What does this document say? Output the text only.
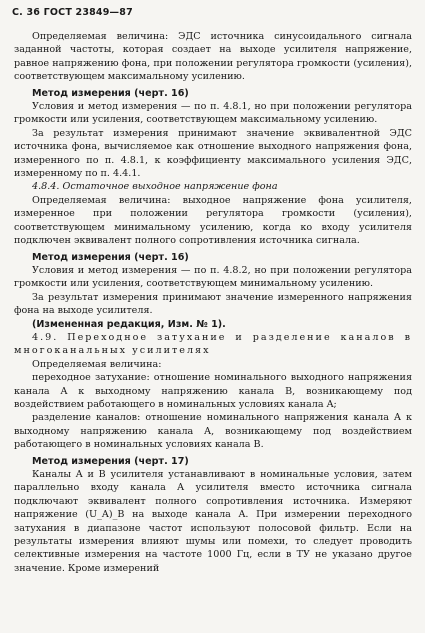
С. 36 ГОСТ 23849—87

Определяемая величина: ЭДС источника синусоидального сигнала заданной частоты, которая создает на выходе усилителя напряжение, равное напряжению фона, при положении регулятора громкости (усиления), соответствующем максимальному усилению.

Метод измерения (черт. 16)

Условия и метод измерения — по п. 4.8.1, но при положении регулятора громкости или усиления, соответствующем максимальному усилению.

За результат измерения принимают значение эквивалентной ЭДС источника фона, вычисляемое как отношение выходного напряжения фона, измеренного по п. 4.8.1, к коэффициенту максимального усиления ЭДС, измеренному по п. 4.4.1.

4.8.4. Остаточное выходное напряжение фона

Определяемая величина: выходное напряжение фона усилителя, измеренное при положении регулятора громкости (усиления), соответствующем минимальному усилению, когда ко входу усилителя подключен эквивалент полного сопротивления источника сигнала.

Метод измерения (черт. 16)

Условия и метод измерения — по п. 4.8.2, но при положении регулятора громкости или усиления, соответствующем минимальному усилению.

За результат измерения принимают значение измеренного напряжения фона на выходе усилителя.

(Измененная редакция, Изм. № 1).

4.9. Переходное затухание и разделение каналов в многоканальных усилителях

Определяемая величина:

переходное затухание: отношение номинального выходного напряжения канала A к выходному напряжению канала B, возникающему под воздействием работающего в номинальных условиях канала A;

разделение каналов: отношение номинального напряжения канала A к выходному напряжению канала A, возникающему под воздействием работающего в номинальных условиях канала B.

Метод измерения (черт. 17)

Каналы A и B усилителя устанавливают в номинальные условия, затем параллельно входу канала A усилителя вместо источника сигнала подключают эквивалент полного сопротивления источника. Измеряют напряжение (U_A)_B на выходе канала A. При измерении переходного затухания в диапазоне частот используют полосовой фильтр. Если на результаты измерения влияют шумы или помехи, то следует проводить селективные измерения на частоте 1000 Гц, если в ТУ не указано другое значение. Кроме измерений
